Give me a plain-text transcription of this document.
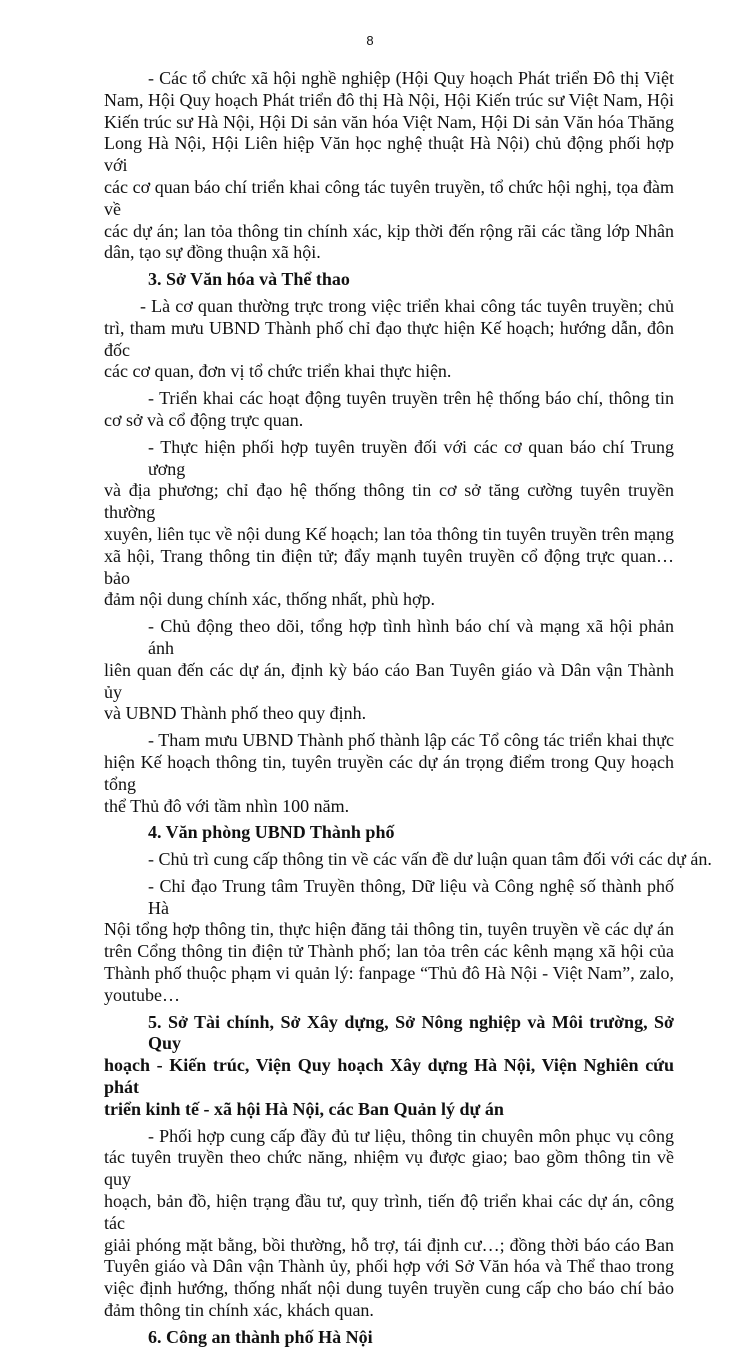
8
- Các tổ chức xã hội nghề nghiệp (Hội Quy hoạch Phát triển Đô thị Việt
Nam, Hội Quy hoạch Phát triển đô thị Hà Nội, Hội Kiến trúc sư Việt Nam, Hội
Kiến trúc sư Hà Nội, Hội Di sản văn hóa Việt Nam, Hội Di sản Văn hóa Thăng
Long Hà Nội, Hội Liên hiệp Văn học nghệ thuật Hà Nội) chủ động phối hợp với
các cơ quan báo chí triển khai công tác tuyên truyền, tổ chức hội nghị, tọa đàm về
các dự án; lan tỏa thông tin chính xác, kịp thời đến rộng rãi các tầng lớp Nhân
dân, tạo sự đồng thuận xã hội.
3. Sở Văn hóa và Thể thao
- Là cơ quan thường trực trong việc triển khai công tác tuyên truyền; chủ
trì, tham mưu UBND Thành phố chỉ đạo thực hiện Kế hoạch; hướng dẫn, đôn đốc
các cơ quan, đơn vị tổ chức triển khai thực hiện.
- Triển khai các hoạt động tuyên truyền trên hệ thống báo chí, thông tin
cơ sở và cổ động trực quan.
- Thực hiện phối hợp tuyên truyền đối với các cơ quan báo chí Trung ương
và địa phương; chỉ đạo hệ thống thông tin cơ sở tăng cường tuyên truyền thường
xuyên, liên tục về nội dung Kế hoạch; lan tỏa thông tin tuyên truyền trên mạng
xã hội, Trang thông tin điện tử; đẩy mạnh tuyên truyền cổ động trực quan… bảo
đảm nội dung chính xác, thống nhất, phù hợp.
- Chủ động theo dõi, tổng hợp tình hình báo chí và mạng xã hội phản ánh
liên quan đến các dự án, định kỳ báo cáo Ban Tuyên giáo và Dân vận Thành ủy
và UBND Thành phố theo quy định.
- Tham mưu UBND Thành phố thành lập các Tổ công tác triển khai thực
hiện Kế hoạch thông tin, tuyên truyền các dự án trọng điểm trong Quy hoạch tổng
thể Thủ đô với tầm nhìn 100 năm.
4. Văn phòng UBND Thành phố
- Chủ trì cung cấp thông tin về các vấn đề dư luận quan tâm đối với các dự án.
- Chỉ đạo Trung tâm Truyền thông, Dữ liệu và Công nghệ số thành phố Hà
Nội tổng hợp thông tin, thực hiện đăng tải thông tin, tuyên truyền về các dự án
trên Cổng thông tin điện tử Thành phố; lan tỏa trên các kênh mạng xã hội của
Thành phố thuộc phạm vi quản lý: fanpage “Thủ đô Hà Nội - Việt Nam”, zalo,
youtube…
5. Sở Tài chính, Sở Xây dựng, Sở Nông nghiệp và Môi trường, Sở Quy
hoạch - Kiến trúc, Viện Quy hoạch Xây dựng Hà Nội, Viện Nghiên cứu phát
triển kinh tế - xã hội Hà Nội, các Ban Quản lý dự án
- Phối hợp cung cấp đầy đủ tư liệu, thông tin chuyên môn phục vụ công
tác tuyên truyền theo chức năng, nhiệm vụ được giao; bao gồm thông tin về quy
hoạch, bản đồ, hiện trạng đầu tư, quy trình, tiến độ triển khai các dự án, công tác
giải phóng mặt bằng, bồi thường, hỗ trợ, tái định cư…; đồng thời báo cáo Ban
Tuyên giáo và Dân vận Thành ủy, phối hợp với Sở Văn hóa và Thể thao trong
việc định hướng, thống nhất nội dung tuyên truyền cung cấp cho báo chí bảo
đảm thông tin chính xác, khách quan.
6. Công an thành phố Hà Nội
